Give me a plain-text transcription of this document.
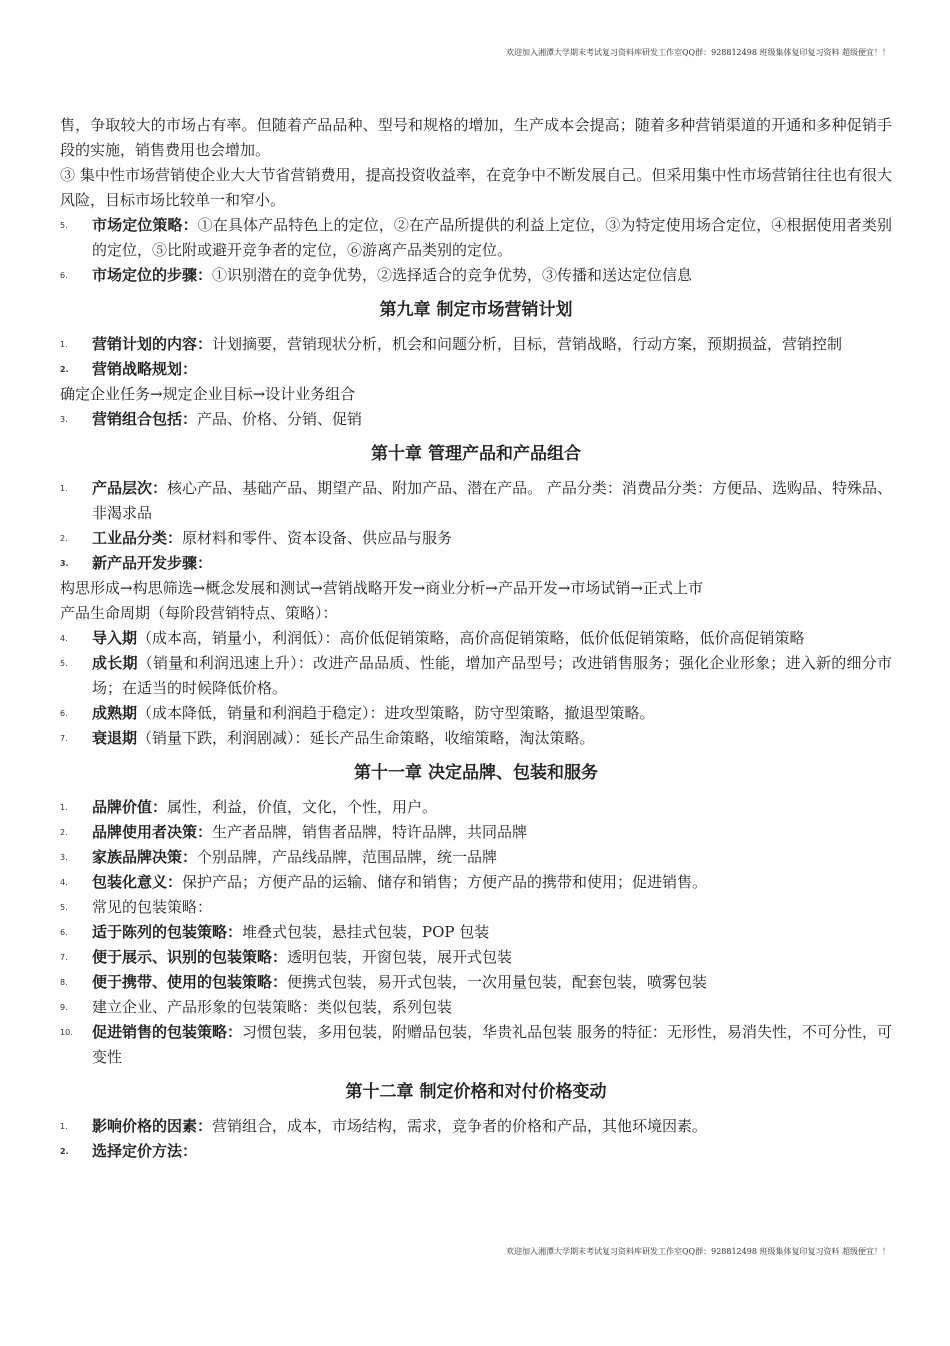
欢迎加入湘潭大学期末考试复习资料库研发工作室QQ群：928812498 班级集体复印复习资料 超级便宜！！

售，争取较大的市场占有率。但随着产品品种、型号和规格的增加，生产成本会提高；随着多种营销渠道的开通和多种促销手段的实施，销售费用也会增加。

③ 集中性市场营销使企业大大节省营销费用，提高投资收益率，在竞争中不断发展自己。但采用集中性市场营销往往也有很大风险，目标市场比较单一和窄小。

5. 市场定位策略：①在具体产品特色上的定位，②在产品所提供的利益上定位，③为特定使用场合定位，④根据使用者类别的定位，⑤比附或避开竞争者的定位，⑥游离产品类别的定位。

6. 市场定位的步骤：①识别潜在的竞争优势，②选择适合的竞争优势，③传播和送达定位信息

第九章 制定市场营销计划

1. 营销计划的内容：计划摘要，营销现状分析，机会和问题分析，目标，营销战略，行动方案，预期损益，营销控制

2. 营销战略规划：

确定企业任务→规定企业目标→设计业务组合

3. 营销组合包括：产品、价格、分销、促销

第十章 管理产品和产品组合

1. 产品层次：核心产品、基础产品、期望产品、附加产品、潜在产品。 产品分类：消费品分类：方便品、选购品、特殊品、非渴求品

2. 工业品分类：原材料和零件、资本设备、供应品与服务

3. 新产品开发步骤：

构思形成→构思筛选→概念发展和测试→营销战略开发→商业分析→产品开发→市场试销→正式上市

产品生命周期（每阶段营销特点、策略）：

4. 导入期（成本高，销量小，利润低）：高价低促销策略，高价高促销策略，低价低促销策略，低价高促销策略

5. 成长期（销量和利润迅速上升）：改进产品品质、性能，增加产品型号；改进销售服务；强化企业形象；进入新的细分市场；在适当的时候降低价格。

6. 成熟期（成本降低，销量和利润趋于稳定）：进攻型策略，防守型策略，撤退型策略。

7. 衰退期（销量下跌，利润剧减）：延长产品生命策略，收缩策略，淘汰策略。

第十一章 决定品牌、包装和服务

1. 品牌价值：属性，利益，价值，文化，个性，用户。

2. 品牌使用者决策：生产者品牌，销售者品牌，特许品牌，共同品牌

3. 家族品牌决策：个别品牌，产品线品牌，范围品牌，统一品牌

4. 包装化意义：保护产品；方便产品的运输、储存和销售；方便产品的携带和使用；促进销售。

5. 常见的包装策略：

6. 适于陈列的包装策略：堆叠式包装，悬挂式包装，POP 包装

7. 便于展示、识别的包装策略：透明包装，开窗包装，展开式包装

8. 便于携带、使用的包装策略：便携式包装，易开式包装，一次用量包装，配套包装，喷雾包装

9. 建立企业、产品形象的包装策略：类似包装，系列包装

10. 促进销售的包装策略：习惯包装，多用包装，附赠品包装，华贵礼品包装 服务的特征：无形性，易消失性，不可分性，可变性

第十二章 制定价格和对付价格变动

1. 影响价格的因素：营销组合，成本，市场结构，需求，竞争者的价格和产品，其他环境因素。

2. 选择定价方法：

欢迎加入湘潭大学期末考试复习资料库研发工作室QQ群：928812498 班级集体复印复习资料 超级便宜！！
